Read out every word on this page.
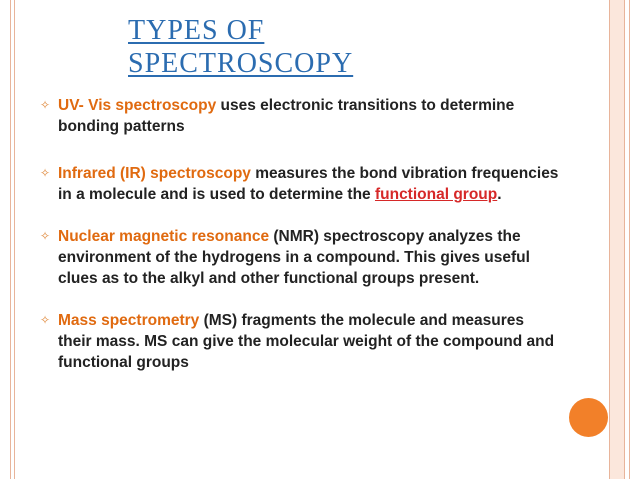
TYPES OF
SPECTROSCOPY
✧ UV- Vis spectroscopy uses electronic transitions to determine bonding patterns
✧ Infrared (IR) spectroscopy measures the bond vibration frequencies in a molecule and is used to determine the functional group.
✧ Nuclear magnetic resonance (NMR) spectroscopy analyzes the environment of the hydrogens in a compound. This gives useful clues as to the alkyl and other functional groups present.
✧ Mass spectrometry (MS) fragments the molecule and measures their mass. MS can give the molecular weight of the compound and functional groups
